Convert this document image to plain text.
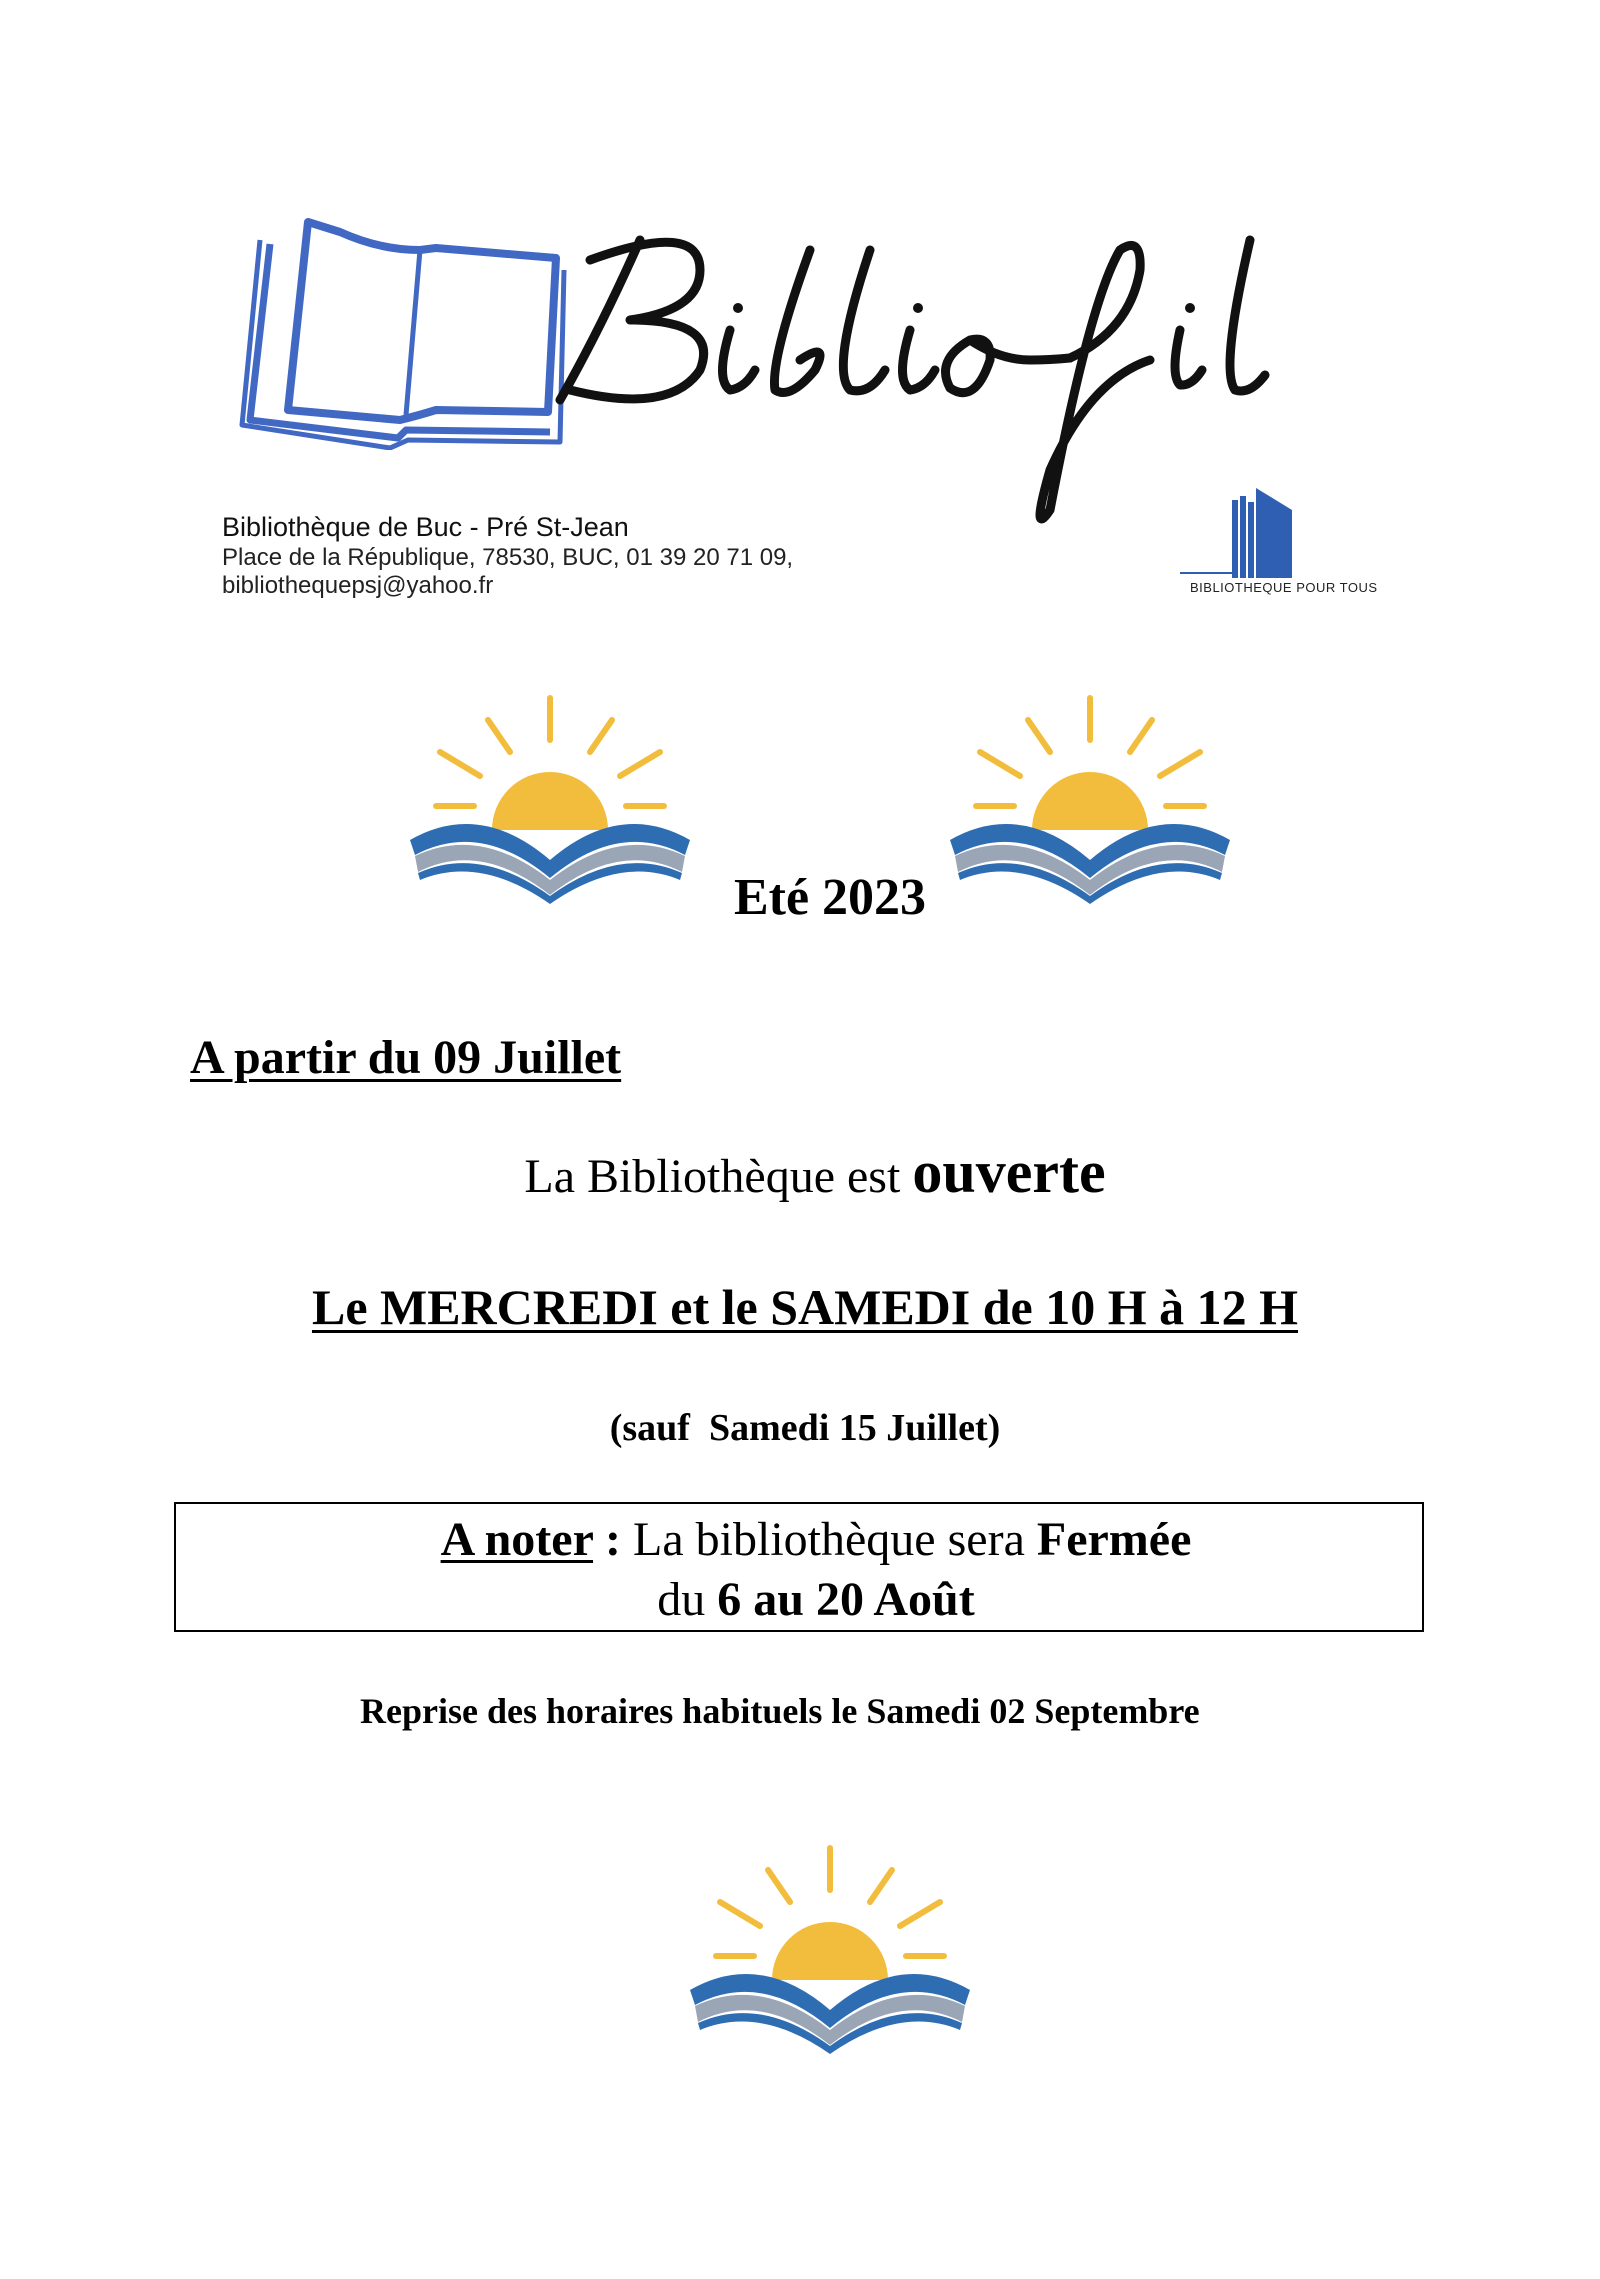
Bibliothèque de Buc - Pré St-Jean
Place de la République, 78530, BUC, 01 39 20 71 09,
bibliothequepsj@yahoo.fr	BIBLIOTHEQUE POUR TOUS
Eté 2023
A partir du 09 Juillet
La Bibliothèque est ouverte
Le MERCREDI et le SAMEDI de 10 H à 12 H
(sauf  Samedi 15 Juillet)
A noter : La bibliothèque sera Fermée
du 6 au 20 Août
Reprise des horaires habituels le Samedi 02 Septembre
